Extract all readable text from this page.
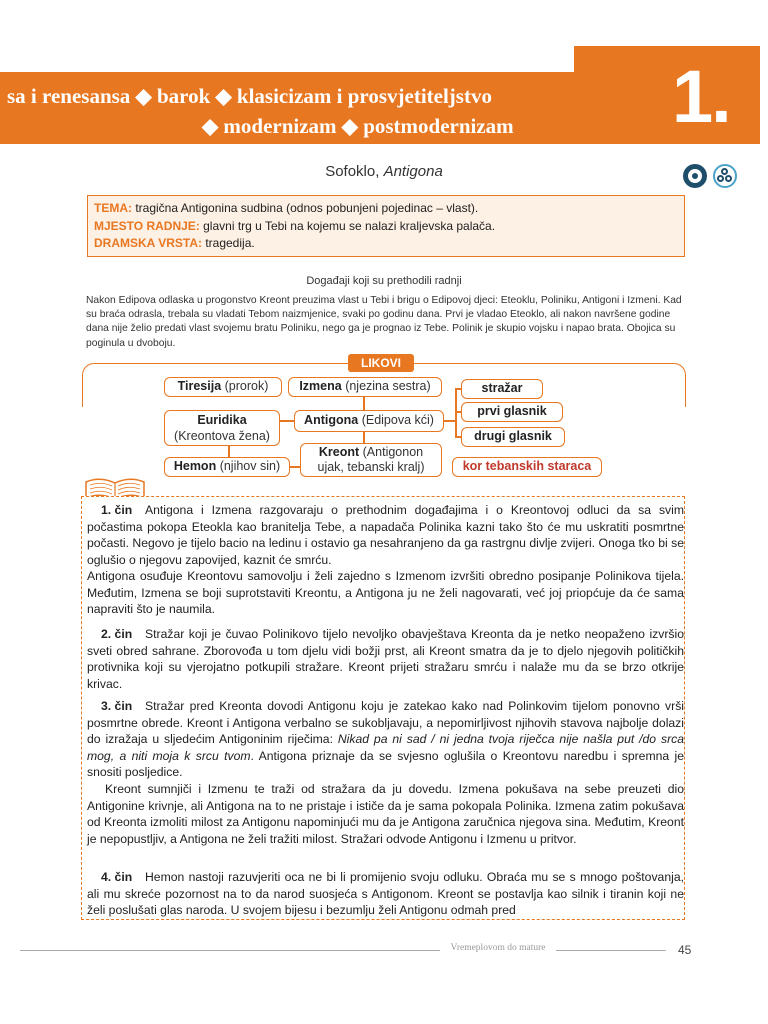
sa i renesansa ◆ barok ◆ klasicizam i prosvjetiteljstvo
◆ modernizam ◆ postmodernizam 1.
Sofoklo, Antigona
TEMA: tragična Antigonina sudbina (odnos pobunjeni pojedinac – vlast).
MJESTO RADNJE: glavni trg u Tebi na kojemu se nalazi kraljevska palača.
DRAMSKA VRSTA: tragedija.
Događaji koji su prethodili radnji
Nakon Edipova odlaska u progonstvo Kreont preuzima vlast u Tebi i brigu o Edipovoj djeci: Eteoklu, Poliniku, Antigoni i Izmeni. Kad su braća odrasla, trebala su vladati Tebom naizmjenice, svaki po godinu dana. Prvi je vladao Eteoklo, ali nakon navršene godine dana nije želio predati vlast svojemu bratu Poliniku, nego ga je prognao iz Tebe. Polinik je skupio vojsku i napao brata. Obojica su poginula u dvoboju.
LIKOVI
Tiresija (prorok)	Izmena (njezina sestra)
Euridika
(Kreontova žena)
Antigona (Edipova kći)
Hemon (njihov sin)
Kreont (Antigonon
ujak, tebanski kralj)
stražar
prvi glasnik
drugi glasnik
kor tebanskih staraca
1. čin Antigona i Izmena razgovaraju o prethodnim događajima i o Kreontovoj odluci da sa svim počastima pokopa Eteokla kao branitelja Tebe, a napadača Polinika kazni tako što će mu uskratiti posmrtne počasti. Negovo je tijelo bacio na ledinu i ostavio ga nesahranjeno da ga rastrgnu divlje zvijeri. Onoga tko bi se oglušio o njegovu zapovijed, kaznit će smrću.
Antigona osuđuje Kreontovu samovolju i želi zajedno s Izmenom izvršiti obredno posipanje Polinikova tijela. Međutim, Izmena se boji suprotstaviti Kreontu, a Antigona ju ne želi nagovarati, već joj priopćuje da će sama napraviti što je naumila.
2. čin Stražar koji je čuvao Polinikovo tijelo nevoljko obavještava Kreonta da je netko neopaženo izvršio sveti obred sahrane. Zborovođa u tom djelu vidi božji prst, ali Kreont smatra da je to djelo njegovih političkih protivnika koji su vjerojatno potkupili stražare. Kreont prijeti stražaru smrću i nalaže mu da se brzo otkrije krivac.
3. čin Stražar pred Kreonta dovodi Antigonu koju je zatekao kako nad Polinkovim tijelom ponovno vrši posmrtne obrede. Kreont i Antigona verbalno se sukobljavaju, a nepomirljivost njihovih stavova najbolje dolazi do izražaja u sljedećim Antigoninim riječima: Nikad pa ni sad / ni jedna tvoja riječca nije našla put /do srca mog, a niti moja k srcu tvom. Antigona priznaje da se svjesno oglušila o Kreontovu naredbu i spremna je snositi posljedice.
Kreont sumnjiči i Izmenu te traži od stražara da ju dovedu. Izmena pokušava na sebe preuzeti dio Antigonine krivnje, ali Antigona na to ne pristaje i ističe da je sama pokopala Polinika. Izmena zatim pokušava od Kreonta izmoliti milost za Antigonu napominjući mu da je Antigona zaručnica njegova sina. Međutim, Kreont je nepopustljiv, a Antigona ne želi tražiti milost. Stražari odvode Antigonu i Izmenu u pritvor.
4. čin Hemon nastoji razuvjeriti oca ne bi li promijenio svoju odluku. Obraća mu se s mnogo poštovanja, ali mu skreće pozornost na to da narod suosjeća s Antigonom. Kreont se postavlja kao silnik i tiranin koji ne želi poslušati glas naroda. U svojem bijesu i bezumlju želi Antigonu odmah pred
Vremeplovom do mature	45
